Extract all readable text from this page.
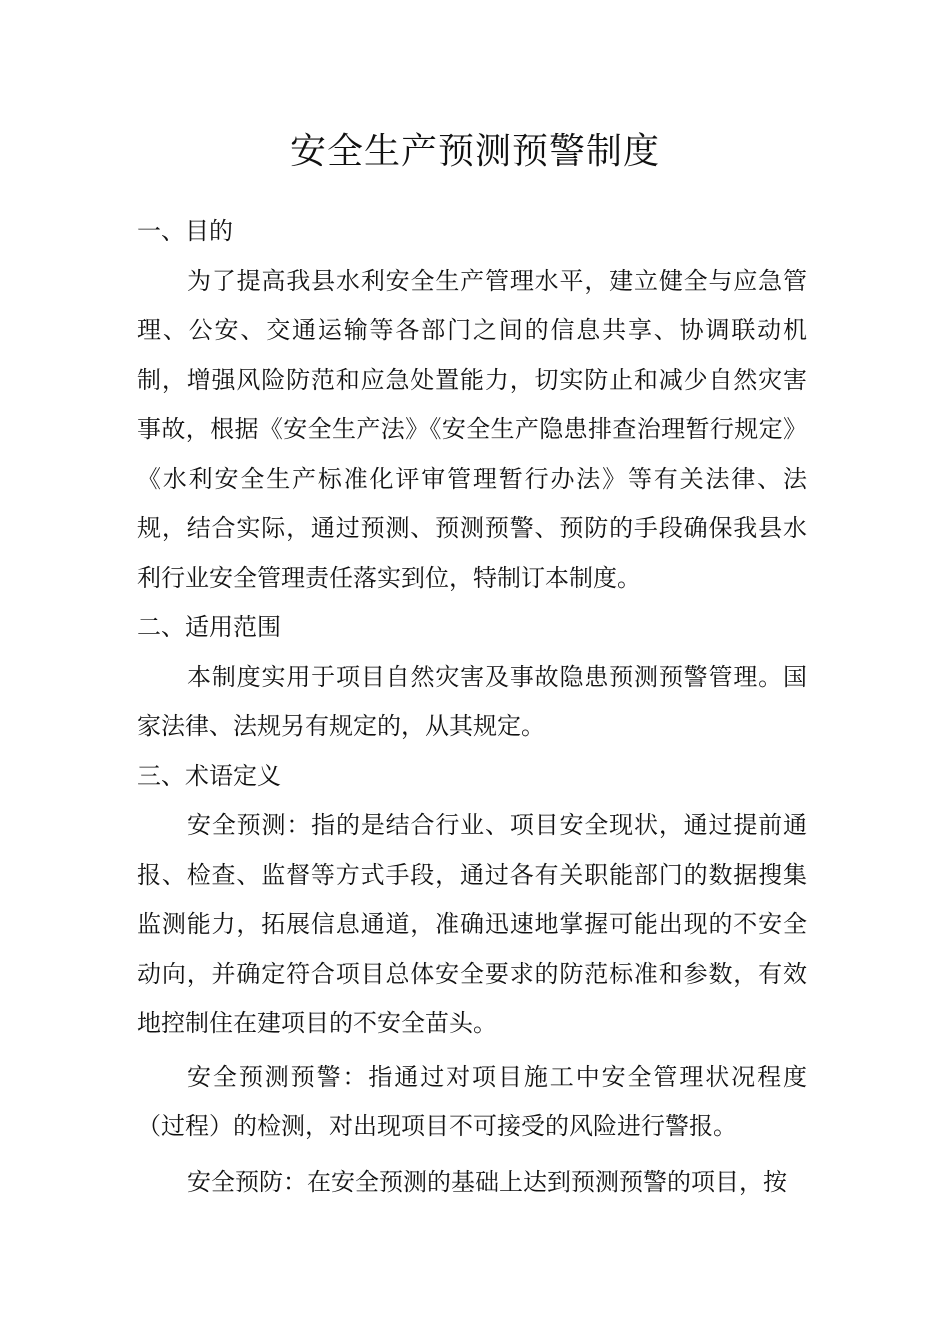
安全生产预测预警制度
一、目的

为了提高我县水利安全生产管理水平，建立健全与应急管理、公安、交通运输等各部门之间的信息共享、协调联动机制，增强风险防范和应急处置能力，切实防止和减少自然灾害事故，根据《安全生产法》《安全生产隐患排查治理暂行规定》《水利安全生产标准化评审管理暂行办法》等有关法律、法规，结合实际，通过预测、预测预警、预防的手段确保我县水利行业安全管理责任落实到位，特制订本制度。

二、适用范围

本制度实用于项目自然灾害及事故隐患预测预警管理。国家法律、法规另有规定的，从其规定。

三、术语定义

安全预测：指的是结合行业、项目安全现状，通过提前通报、检查、监督等方式手段，通过各有关职能部门的数据搜集监测能力，拓展信息通道，准确迅速地掌握可能出现的不安全动向，并确定符合项目总体安全要求的防范标准和参数，有效地控制住在建项目的不安全苗头。

安全预测预警：指通过对项目施工中安全管理状况程度（过程）的检测，对出现项目不可接受的风险进行警报。

安全预防：在安全预测的基础上达到预测预警的项目，按
